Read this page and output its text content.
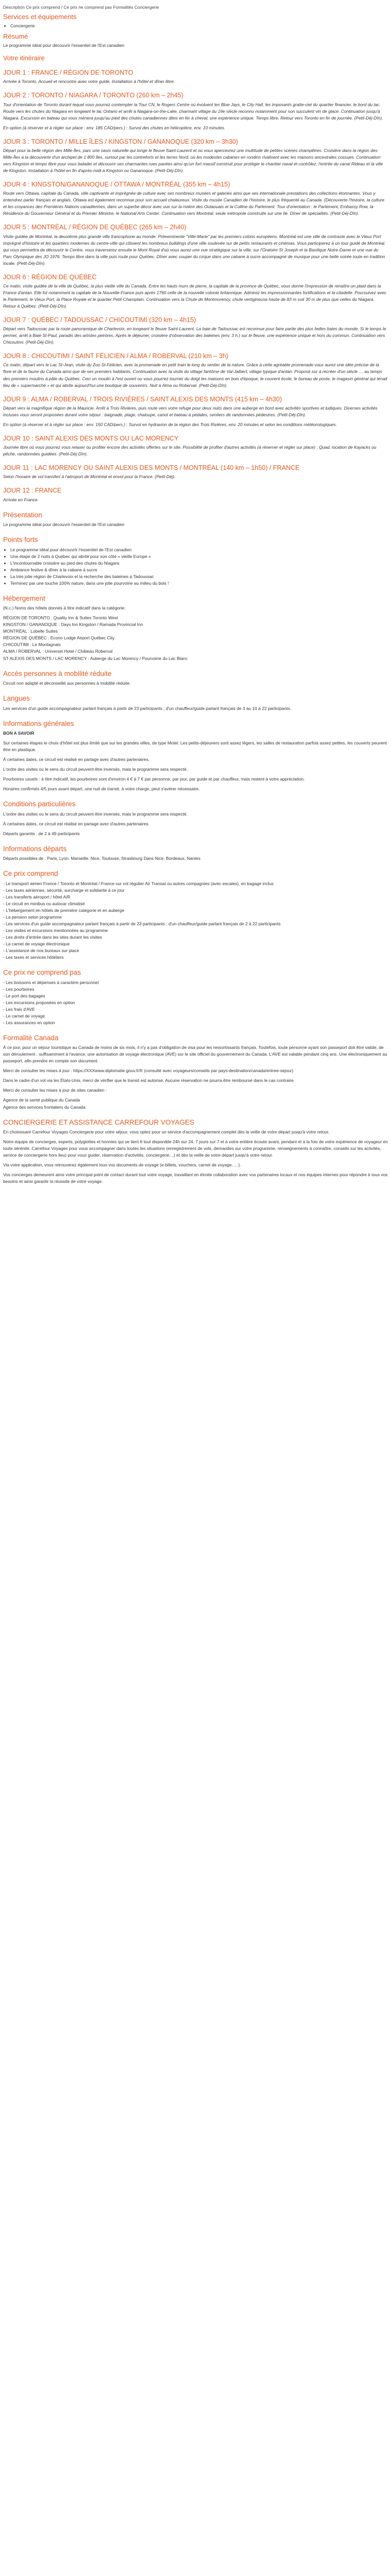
Description Ce prix comprend / Ce prix ne comprend pas Formalités Conciergerie

Services et équipements
• Conciergerie
Résumé

Le programme idéal pour découvrir l'essentiel de l'Est canadien

Votre itinéraire
JOUR 1 : FRANCE / RÉGION DE TORONTO

Arrivée à Toronto. Accueil et rencontre avec votre guide. Installation à l'hôtel et dîner libre.

JOUR 2 : TORONTO / NIAGARA / TORONTO (260 km – 2h45)

Tour d'orientation de Toronto durant lequel vous pourrez contempler la Tour CN, le Rogers Centre où évoluent les Blue Jays, le City Hall, les imposants gratte-ciel du quartier financier, le bord du lac. Route vers les chutes du Niagara en longeant le lac Ontario et arrêt à Niagara-on-the-Lake, charmant village du 19e siècle reconnu notamment pour son succulent vin de glace. Continuation jusqu'à Niagara. Excursion en bateau qui vous mènera jusqu'au pied des chutes canadiennes dites en fer à cheval, une expérience unique. Temps libre. Retour vers Toronto en fin de journée. (Petit-Déj-Dîn).

En option (à réserver et à régler sur place : env. 185 CAD/pers.) : Survol des chutes en hélicoptère, env. 10 minutes.

JOUR 3 : TORONTO / MILLE ÎLES / KINGSTON / GANANOQUE (320 km – 3h30)

Départ pour la belle région des Mille-Îles, parc une oasis naturelle qui longe le fleuve Saint-Laurent et où vous apercevrez une multitude de petites scènes champêtres. Croisière dans la région des Mille-Îles à la découverte d'un archipel de 1 800 îles, surtout par les contreforts et les terres Nord, où les modestes cabanes en rondins rivalisent avec les maisons ancestrales cossues. Continuation vers Kingston et temps libre pour vous balader et découvrir ses charmantes rues pavées ainsi qu'un fort massif construit pour protéger le chantier naval et contrôlez, l'entrée du canal Rideau et la ville de Kingston. Installation à l'hôtel en fin d'après-midi à Kingston ou Gananoque. (Petit-Déj-Dîn).

JOUR 4 : KINGSTON/GANANOQUE / OTTAWA / MONTRÉAL (355 km – 4h15)

Route vers Ottawa, capitale du Canada, ville captivante et imprégnée de culture avec ses nombreux musées et galeries ainsi que ses internationale prestations des collections étonnantes. Vous y entendrez parler français et anglais. Ottawa est également reconnue pour son accueil chaleureux. Visite du musée Canadien de l'histoire, le plus fréquenté au Canada. (Découverte l'histoire, la culture et les croyances des Premières Nations canadiennes, dans un superbe décor avec vue sur la rivière des Outaouais et la Colline du Parlement. Tour d'orientation : le Parlement, Embassy Row, la Résidence du Gouverneur Général et du Premier Ministre, le National Arts Center. Continuation vers Montréal, seule métropole construite sur une île. Dîner de spécialités. (Petit-Déj-Dîn).

JOUR 5 : MONTRÉAL / RÉGION DE QUÉBEC (265 km – 2h40)

Visite guidée de Montréal, la deuxième plus grande ville francophone au monde. Préeeminente "Ville-Marie" par les premiers colons européens. Montréal est une ville de contraste avec le Vieux Port imprégné d'histoire et les quartiers modernes du centre-ville qui côtoient les nombreux buildings d'une ville soulevée sur de petits restaurants et cinémas. Vous participerez à un tour guidé de Montréal, qui vous permettra de découvrir le Centre, vous traverserez ensuite le Mont Royal d'où vous aurez une vue stratégique sur la ville, sur l'Oratoire St Joseph et la Basilique Notre-Dame et une vue du Parc Olympique des JO 1976. Temps libre dans la ville puis route pour Québec. Dîner avec souper du cirque dans une cabane à sucre accompagné de musique pour une belle soirée toute en tradition locale. (Petit-Déj-Dîn).

JOUR 6 : RÉGION DE QUÉBEC

Ce matin, visite guidée de la ville de Québec, la plus vieille ville du Canada. Entre les hauts murs de pierre, la capitale de la province de Québec, vous donne l'impression de renaître un plaid dans la France d'antan. Elle fut notamment la capitale de la Nouvelle-France puis après 1760 celle de la nouvelle colonie britannique. Admirez les impressionnantes fortifications et la citadelle. Poursuivez avec le Parlement, le Vieux Port, la Place Royale et le quartier Petit-Champlain. Continuation vers la Chute de Montmorency, chute vertigineuse haute de 83 m soit 30 m de plus que celles du Niagara. Retour à Québec. (Petit-Déj-Dîn).

JOUR 7 : QUÉBEC / TADOUSSAC / CHICOUTIMI (320 km – 4h15)

Départ vers Tadoussac par la route panoramique de Charlevoix, en longeant le fleuve Saint-Laurent. La baie de Tadoussac est reconnue pour faire partie des plus belles baies du monde. Si le temps le permet, arrêt à Baie St-Paul, paradis des artistes peintres. Après le déjeuner, croisière d'observation des baleines (env. 3 h.) sur le fleuve, une expérience unique et hors du commun. Continuation vers Chicoutimi. (Petit-Déj-Dîn).

JOUR 8 : CHICOUTIMI / SAINT FÉLICIEN / ALMA / ROBERVAL (210 km – 3h)

Ce matin, départ vers le Lac St-Jean, visite du Zoo St-Félicien, avec la promenade en petit train le long du sentier de la nature. Grâce à cette agréable promenade vous aurez une idée précise de la flore et de la faune du Canada ainsi que de ses premiers habitants. Continuation avec la visite du village fantôme de Val-Jalbert, village typique d'antan. Proposé sur à recréer d'un siècle … au temps des premiers moulins à pâte du Québec. Ceci un moulin à l'est ouvert ou vous pourrez tourner du doigt les maisons en bois d'époque, le couvent école, le bureau de poste, le magasin général qui tenait lieu de « supermarché » et qui abrite aujourd'hui une boutique de souvenirs. Nuit à Alma ou Roberval. (Petit-Déj-Dîn).

JOUR 9 : ALMA / ROBERVAL / TROIS RIVIÈRES / SAINT ALEXIS DES MONTS (415 km – 4h30)

Départ vers la magnifique région de la Mauricie. Arrêt à Trois Rivières, puis route vers votre refuge pour deux nuits dans une auberge en bord avec activités sportives et ludiques. Diverses activités incluses vous seront proposées durant votre séjour : baignade, plage, chaloupe, canot et bateau à pédales, sentiers de randonnées pédestres. (Petit-Déj-Dîn).

En option (à réserver et à régler sur place : env. 150 CAD/pers.) : Survol en hydravion de la région des Trois Rivières, env. 20 minutes et selon les conditions météorologiques.

JOUR 10 : SAINT ALEXIS DES MONTS OU LAC MORENCY

Journée libre où vous pourrez vous relaxer ou profiter encore des activités offertes sur le site. Possibilité de profiter d'autres activités (à réserver et régler sur place) : Quad, location de Kayacks ou pêche, randonnées guidées. (Petit-Déj-Dîn).

JOUR 11 : LAC MORENCY OU SAINT ALEXIS DES MONTS / MONTRÉAL (140 km – 1h50) / FRANCE

Selon l'horaire de vol transfert à l'aéroport de Montréal et envol pour la France. (Petit-Déj).

JOUR 12 : FRANCE

Arrivée en France.

Présentation

Le programme idéal pour découvrir l'essentiel de l'Est canadien

Points forts
• Le programme idéal pour découvrir l'essentiel de l'Est canadien
• Une étape de 2 nuits à Québec qui abrité pour son côté « vieille Europe »
• L'incontournable croisière au pied des chutes du Niagara
• Ambiance festive & dîner à la cabane à sucre
• La très jolie région de Charlevoix et la recherche des baleines à Tadoussac
• Terminez par une touche 100% nature, dans une jolie pourvoirie au milieu du bois !
Hébergement

(N.c.) Noms des hôtels donnés à titre indicatif dans la catégorie.

RÉGION DE TORONTO : Quality Inn & Suites Toronto West

KINGSTON / GANANOQUE : Days Inn Kingston / Ramada Provincial Inn

MONTRÉAL : Lobelle Suites

RÉGION DE QUÉBEC : Econo Lodge Airport Québec City

CHICOUTIMI : Le Montagnais

ALMA / ROBERVAL : Universel Hotel / Château Roberval

ST ALEXIS DES MONTS / LAC MORENCY : Auberge du Lac Morency / Pourvoirie du Lac Blanc

Accès personnes à mobilité réduite

Circuit non adapté et déconseillé aux personnes à mobilité réduite.

Langues

Les services d'un guide accompagnateur parlant français à partir de 23 participants ; d'un chauffeur/guide parlant français de 3 au 10 à 22 participants.

Informations générales

BON A SAVOIR

Sur certaines étapes le choix d'hôtel est plus limité que sur les grandes villes, de type Motel. Les petits-déjeuners sont assez légers, les salles de restauration parfois assez petites, les couverts peuvent être en plastique.

À certaines dates, ce circuit est réalisé en partage avec d'autres partenaires.

L'ordre des visites ou le sens du circuit peuvent être inversés, mais le programme sera respecté.

Pourboires usuels : à titre indicatif, les pourboires sont d'environ 4 € à 7 € par personne, par jour, par guide et par chauffeur, mais restent à votre appréciation.

Horaires confirmés 4/5 jours avant départ, une nuit de transit, à votre charge, peut s'avérer nécessaire.

Conditions particulières

L'ordre des visites ou le sens du circuit peuvent être inversés, mais le programme sera respecté.

À certaines dates, ce circuit est réalisé en partage avec d'autres partenaires.

Départs garantis : de 2 à 49 participants

Informations départs

Départs possibles de : Paris, Lyon, Marseille, Nice, Toulouse, Strasbourg Dans Nice, Bordeaux, Nantes

Ce prix comprend
- Le transport aérien France / Toronto et Montréal / France sur vol régulier Air Transat ou autres compagnies (avec escales), en bagage inclus
- Les taxes aériennes, sécurité, surcharge et solidarité à ce jour
- Les transferts aéroport / hôtel A/R
- Le circuit en minibus ou autocar climatisé
- L'hébergement en hôtels de première catégorie et en auberge
- La pension selon programme
- Les services d'un guide accompagnateur parlant français à partir de 23 participants ; d'un chauffeur/guide parlant français de 2 à 22 participants
- Les visites et excursions mentionnées au programme
- Les droits d'entrée dans les sites durant les visites
- La carnet de voyage électronique
- L'assistance de nos bureaux sur place
- Les taxes et services hôteliers
Ce prix ne comprend pas
- Les boissons et dépenses à caractère personnel
- Les pourboires
- Le port des bagages
- Les excursions proposées en option
- Les frais d'AVE
- Le carnet de voyage
- Les assurances en option
Formalité Canada

À ce jour, pour un séjour touristique au Canada de moins de six mois, il n'y a pas d'obligation de visa pour les ressortissants français. Toutefois, toute personne ayant son passeport doit être valide, de son déroulement ; suffisamment à l'avance, une autorisation de voyage électronique (AVE) sur le site officiel du gouvernement du Canada. L'AVE est valable pendant cinq ans. Une électroniquement au passeport, afin prendre en compte son document.

Merci de consulter les mises à jour : https://XXXwww.diplomatie.gouv.fr/fr (consulté avec voyageurs/conseils par pays-destination/canada/entree-sejour)

Dans le cadre d'un vol via les États-Unis, merci de vérifier que le transit est autorisé. Aucune réservation ne pourra être remboursé dans le cas contraire.

Merci de consulter les mises à jour de sites canadien :

Agence de la santé publique du Canada

Agence des services frontaliers du Canada

CONCIERGERIE ET ASSISTANCE CARREFOUR VOYAGES

En choisissant Carrefour Voyages Conciergerie pour votre séjour, vous optez pour un service d'accompagnement complet dès la veille de votre départ jusqu'à votre retour.

Notre équipe de concierges, experts, polyglottes et honnies qui se tient 6 tout disponible 24h sur 24, 7 jours sur 7 et à votre entière écoute avant, pendant et à la fois de votre expérience de voyageur en toute sérénité. Carrefour Voyages pour vous accompagner dans toutes les situations (enregistrement de vols, demandes sur votre programme, renseignements à connaître, conseils sur les activités, service de conciergerie hors lieu) pour vous guider, réservation d'activités, conciergerie…) et dès la veille de votre départ jusqu'à votre retour.

Via votre application, vous retrouverez également tous vos documents de voyage (e-billets, vouchers, carnet de voyage, …).

Vos concierges demeurent ainsi votre principal point de contact durant tout votre voyage, travaillant en étroite collaboration avec vos partenaires locaux et nos équipes internes pour répondre à tous vos besoins et ainsi garantir la réussite de votre voyage.
